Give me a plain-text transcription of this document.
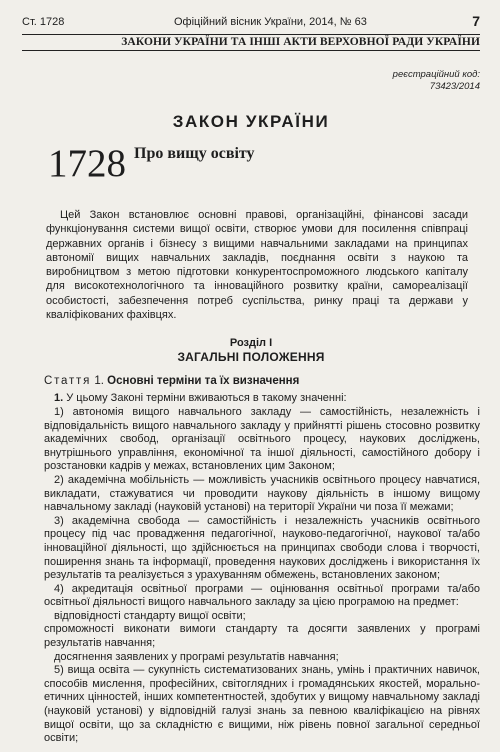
Ст. 1728	Офіційний вісник України, 2014, № 63	7
ЗАКОНИ УКРАЇНИ ТА ІНШІ АКТИ ВЕРХОВНОЇ РАДИ УКРАЇНИ
реєстраційний код:
73423/2014
ЗАКОН УКРАЇНИ
1728 Про вищу освіту

Цей Закон встановлює основні правові, організаційні, фінансові засади функціонування системи вищої освіти, створює умови для посилення співпраці державних органів і бізнесу з вищими навчальними закладами на принципах автономії вищих навчальних закладів, поєднання освіти з наукою та виробництвом з метою підготовки конкурентоспроможного людського капіталу для високотехнологічного та інноваційного розвитку країни, самореалізації особистості, забезпечення потреб суспільства, ринку праці та держави у кваліфікованих фахівцях.

Розділ І
ЗАГАЛЬНІ ПОЛОЖЕННЯ
Стаття 1. Основні терміни та їх визначення

1. У цьому Законі терміни вживаються в такому значенні:

1) автономія вищого навчального закладу — самостійність, незалежність і відповідальність вищого навчального закладу у прийнятті рішень стосовно розвитку академічних свобод, організації освітнього процесу, наукових досліджень, внутрішнього управління, економічної та іншої діяльності, самостійного добору і розстановки кадрів у межах, встановлених цим Законом;

2) академічна мобільність — можливість учасників освітнього процесу навчатися, викладати, стажуватися чи проводити наукову діяльність в іншому вищому навчальному закладі (науковій установі) на території України чи поза її межами;

3) академічна свобода — самостійність і незалежність учасників освітнього процесу під час провадження педагогічної, науково-педагогічної, наукової та/або інноваційної діяльності, що здійснюється на принципах свободи слова і творчості, поширення знань та інформації, проведення наукових досліджень і використання їх результатів та реалізується з урахуванням обмежень, встановлених законом;

4) акредитація освітньої програми — оцінювання освітньої програми та/або освітньої діяльності вищого навчального закладу за цією програмою на предмет:

відповідності стандарту вищої освіти;

спроможності виконати вимоги стандарту та досягти заявлених у програмі результатів навчання;

досягнення заявлених у програмі результатів навчання;

5) вища освіта — сукупність систематизованих знань, умінь і практичних навичок, способів мислення, професійних, світоглядних і громадянських якостей, морально-етичних цінностей, інших компетентностей, здобутих у вищому навчальному закладі (науковій установі) у відповідній галузі знань за певною кваліфікацією на рівнях вищої освіти, що за складністю є вищими, ніж рівень повної загальної середньої освіти;
